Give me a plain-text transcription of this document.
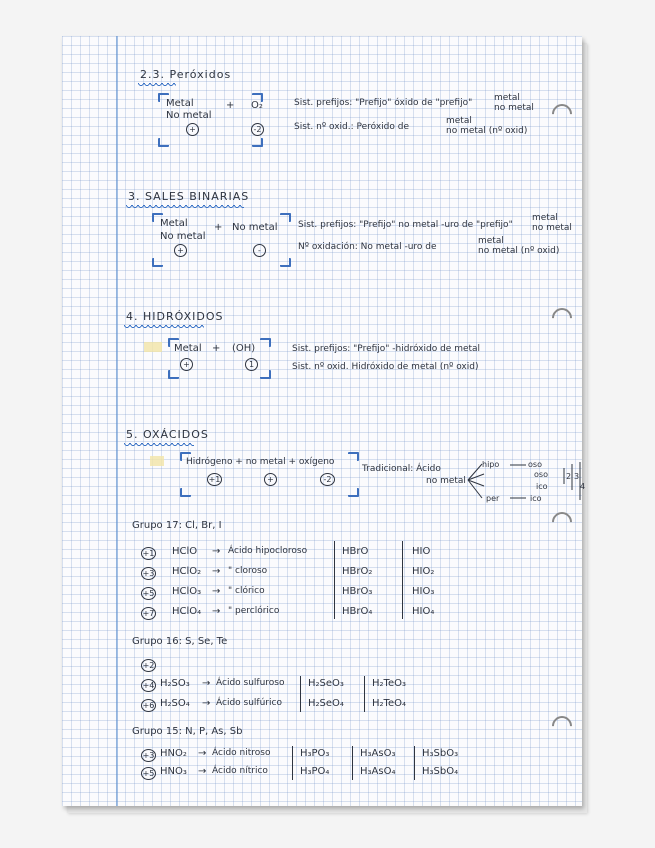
2.3. Peróxidos
Metal
No metal
+ O₂
+	-2
Sist. prefijos: "Prefijo" óxido de "prefijo" metal
no metal
Sist. nº oxid.: Peróxido de
metal
no metal (nº oxid)
3. SALES BINARIAS
Metal
No metal
+ No metal
+	-
Sist. prefijos: "Prefijo" no metal -uro de "prefijo"
metal
no metal
Nº oxidación: No metal -uro de
metal
no metal (nº oxid)
4. HIDRÓXIDOS
Metal + (OH)
+	1
Sist. prefijos: "Prefijo" -hidróxido de metal
Sist. nº oxid. Hidróxido de metal (nº oxid)
5. OXÁCIDOS
Hidrógeno + no metal + oxígeno
+1	+	-2
Tradicional: Ácido
no metal
hipo	oso
oso
ico
per	ico
2 3
4
Grupo 17: Cl, Br, I
+1 HClO → Ácido hipocloroso	HBrO	HIO
+3 HClO₂ → " cloroso	HBrO₂	HIO₂
+5 HClO₃ → " clórico	HBrO₃	HIO₃
+7 HClO₄ → " perclórico	HBrO₄	HIO₄
Grupo 16: S, Se, Te
+2
+4 H₂SO₃ → Ácido sulfuroso H₂SeO₃	H₂TeO₃
+6 H₂SO₄ → Ácido sulfúrico	H₂SeO₄	H₂TeO₄
Grupo 15: N, P, As, Sb
+3 HNO₂ → Ácido nitroso	H₃PO₃	H₃AsO₃	H₃SbO₃
+5 HNO₃ → Ácido nítrico	H₃PO₄	H₃AsO₄	H₃SbO₄
